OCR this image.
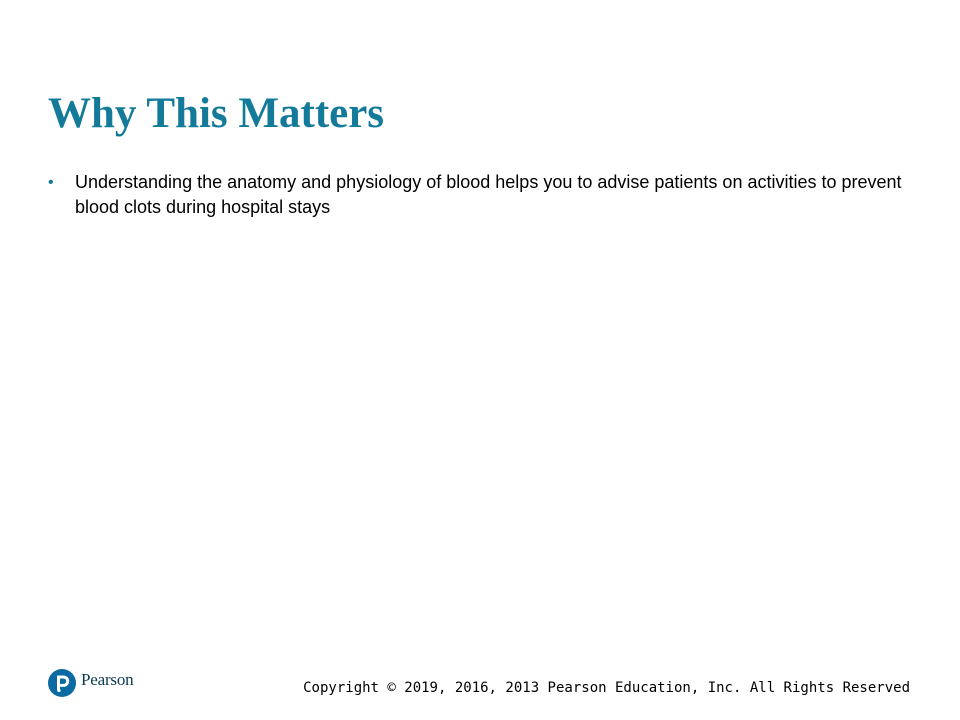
Why This Matters
• Understanding the anatomy and physiology of blood helps you to advise patients on activities to prevent blood clots during hospital stays
Pearson	Copyright © 2019, 2016, 2013 Pearson Education, Inc. All Rights Reserved
